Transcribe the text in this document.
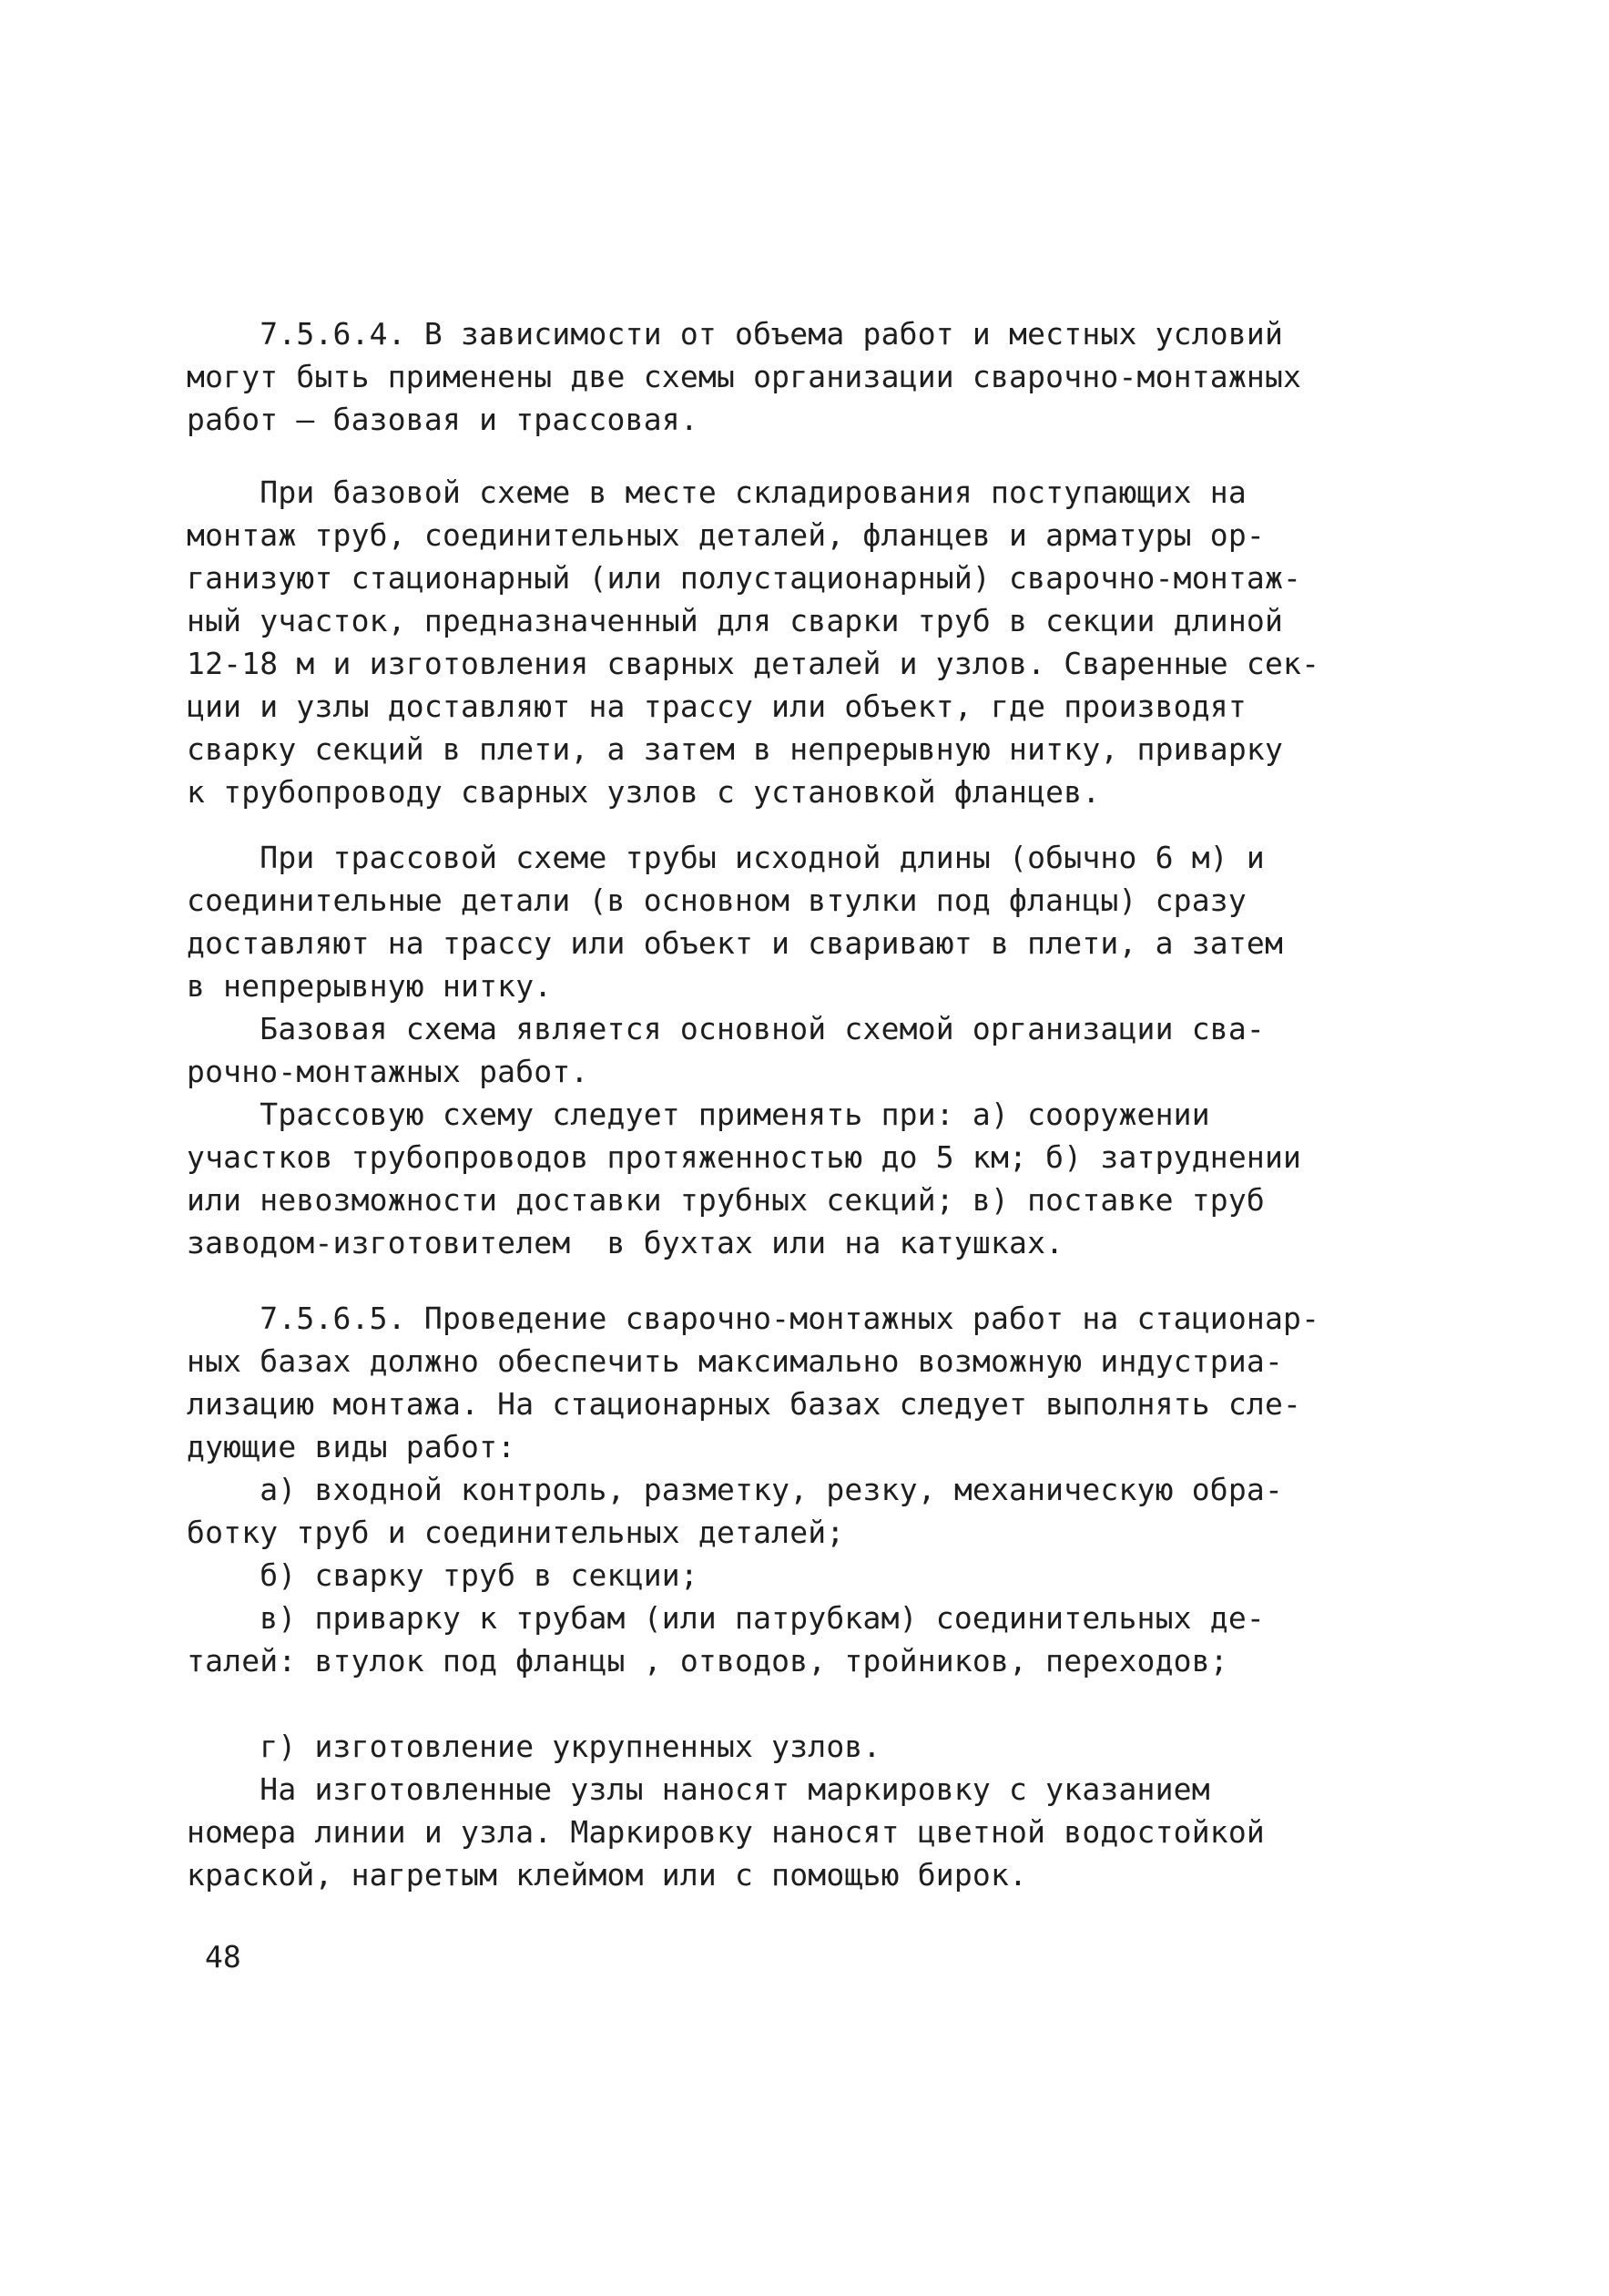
7.5.6.4. В зависимости от объема работ и местных условий
могут быть применены две схемы организации сварочно-монтажных
работ – базовая и трассовая.
При базовой схеме в месте складирования поступающих на
монтаж труб, соединительных деталей, фланцев и арматуры ор-
ганизуют стационарный (или полустационарный) сварочно-монтаж-
ный участок, предназначенный для сварки труб в секции длиной
12-18 м и изготовления сварных деталей и узлов. Сваренные сек-
ции и узлы доставляют на трассу или объект, где производят
сварку секций в плети, а затем в непрерывную нитку, приварку
к трубопроводу сварных узлов с установкой фланцев.
При трассовой схеме трубы исходной длины (обычно 6 м) и
соединительные детали (в основном втулки под фланцы) сразу
доставляют на трассу или объект и сваривают в плети, а затем
в непрерывную нитку.
Базовая схема является основной схемой организации сва-
рочно-монтажных работ.
Трассовую схему следует применять при: а) сооружении
участков трубопроводов протяженностью до 5 км; б) затруднении
или невозможности доставки трубных секций; в) поставке труб
заводом-изготовителем  в бухтах или на катушках.
7.5.6.5. Проведение сварочно-монтажных работ на стационар-
ных базах должно обеспечить максимально возможную индустриа-
лизацию монтажа. На стационарных базах следует выполнять сле-
дующие виды работ:
а) входной контроль, разметку, резку, механическую обра-
ботку труб и соединительных деталей;
б) сварку труб в секции;
в) приварку к трубам (или патрубкам) соединительных де-
талей: втулок под фланцы , отводов, тройников, переходов;
г) изготовление укрупненных узлов.
На изготовленные узлы наносят маркировку с указанием
номера линии и узла. Маркировку наносят цветной водостойкой
краской, нагретым клеймом или с помощью бирок.
48
